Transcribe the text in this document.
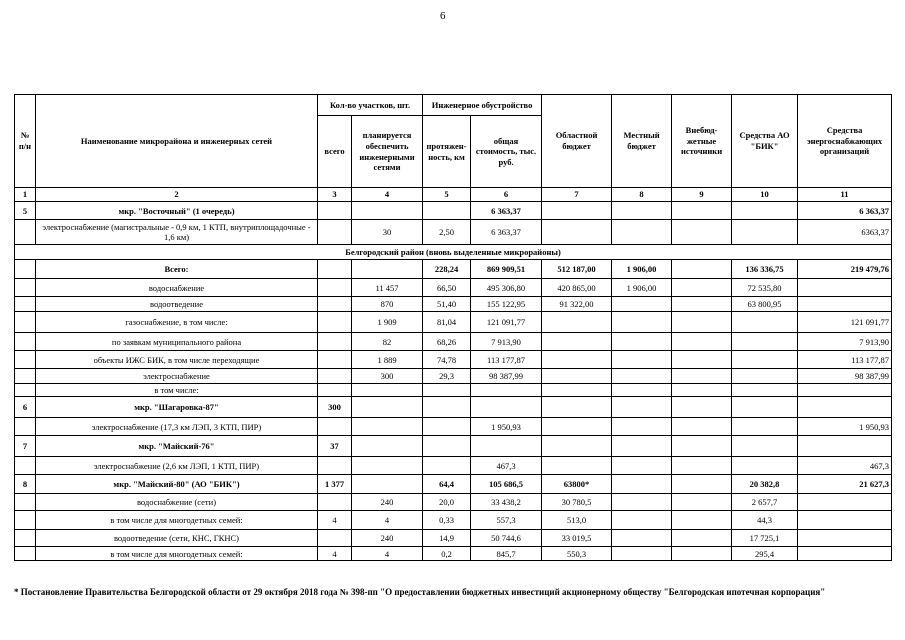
6
№ п/н	Наименование микрорайона и инженерных сетей	Кол-во участков, шт.		Инженерное обустройство		Областной бюджет	Местный бюджет	Внебюд-жетные источники	Средства АО "БИК"	Средства энергоснабжающих организаций
		всего	планируется обеспечить инженерными сетями	протяжен-ность, км	общая стоимость, тыс. руб.					
1	2	3	4	5	6	7	8	9	10	11
5	мкр. "Восточный" (1 очередь)				6 363,37					6 363,37
	электроснабжение (магистральные - 0,9 км, 1 КТП, внутриплощадочные - 1,6 км)		30	2,50	6 363,37					6363,37
Белгородский район (вновь выделенные микрорайоны)										
	Всего:			228,24	869 909,51	512 187,00	1 906,00		136 336,75	219 479,76
	водоснабжение		11 457	66,50	495 306,80	420 865,00	1 906,00		72 535,80	
	водоотведение		870	51,40	155 122,95	91 322,00			63 800,95	
	газоснабжение, в том числе:		1 909	81,04	121 091,77					121 091,77
	по заявкам муниципального района		82	68,26	7 913,90					7 913,90
	объекты ИЖС БИК, в том числе переходящие		1 889	74,78	113 177,87					113 177,87
	электроснабжение		300	29,3	98 387,99					98 387,99
	в том числе:									
6	мкр. "Шагаровка-87"	300								
	электроснабжение (17,3 км ЛЭП, 3 КТП, ПИР)				1 950,93					1 950,93
7	мкр. "Майский-76"	37								
	электроснабжение (2,6 км ЛЭП, 1 КТП, ПИР)				467,3					467,3
8	мкр. "Майский-80" (АО "БИК")	1 377		64,4	105 686,5	63800*			20 382,8	21 627,3
	водоснабжение (сети)		240	20,0	33 438,2	30 780,5			2 657,7	
	в том числе для многодетных семей:	4	4	0,33	557,3	513,0			44,3	
	водоотведение (сети, КНС, ГКНС)		240	14,9	50 744,6	33 019,5			17 725,1	
	в том числе для многодетных семей:	4	4	0,2	845,7	550,3			295,4	
* Постановление Правительства Белгородской области от 29 октября 2018 года № 398-пп "О предоставлении бюджетных инвестиций акционерному обществу "Белгородская ипотечная корпорация"
